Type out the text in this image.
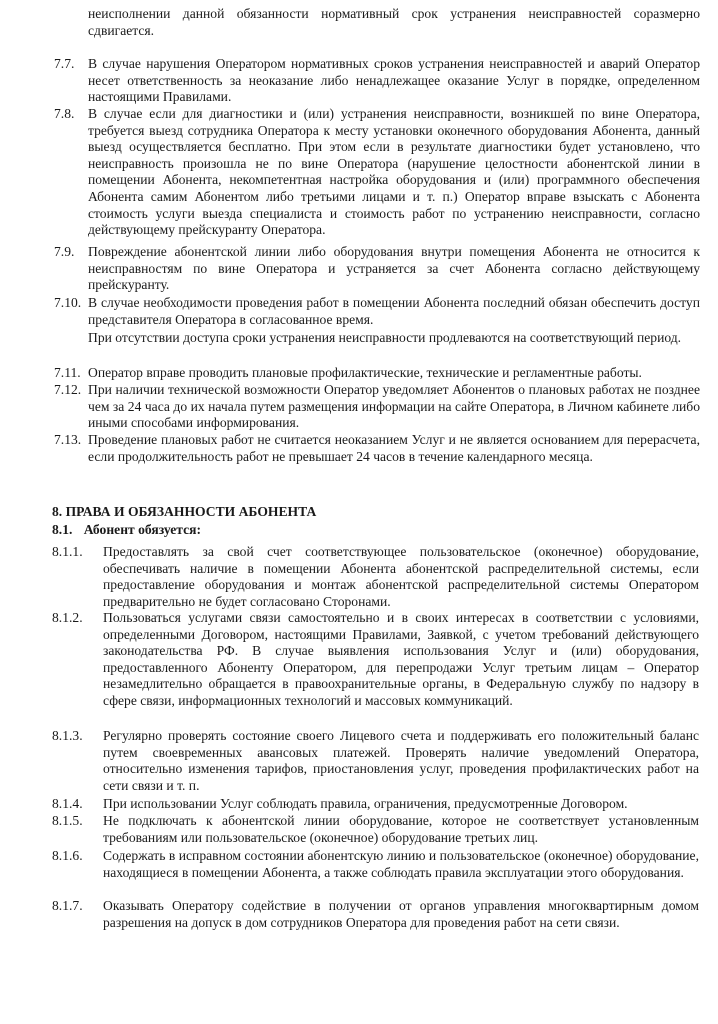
неисполнении данной обязанности нормативный срок устранения неисправностей соразмерно сдвигается.

7.7. В случае нарушения Оператором нормативных сроков устранения неисправностей и аварий Оператор несет ответственность за неоказание либо ненадлежащее оказание Услуг в порядке, определенном настоящими Правилами.

7.8. В случае если для диагностики и (или) устранения неисправности, возникшей по вине Оператора, требуется выезд сотрудника Оператора к месту установки оконечного оборудования Абонента, данный выезд осуществляется бесплатно. При этом если в результате диагностики будет установлено, что неисправность произошла не по вине Оператора (нарушение целостности абонентской линии в помещении Абонента, некомпетентная настройка оборудования и (или) программного обеспечения Абонента самим Абонентом либо третьими лицами и т. п.) Оператор вправе взыскать с Абонента стоимость услуги выезда специалиста и стоимость работ по устранению неисправности, согласно действующему прейскуранту Оператора.

7.9. Повреждение абонентской линии либо оборудования внутри помещения Абонента не относится к неисправностям по вине Оператора и устраняется за счет Абонента согласно действующему прейскуранту.

7.10. В случае необходимости проведения работ в помещении Абонента последний обязан обеспечить доступ представителя Оператора в согласованное время.

При отсутствии доступа сроки устранения неисправности продлеваются на соответствующий период.

7.11. Оператор вправе проводить плановые профилактические, технические и регламентные работы.

7.12. При наличии технической возможности Оператор уведомляет Абонентов о плановых работах не позднее чем за 24 часа до их начала путем размещения информации на сайте Оператора, в Личном кабинете либо иными способами информирования.

7.13. Проведение плановых работ не считается неоказанием Услуг и не является основанием для перерасчета, если продолжительность работ не превышает 24 часов в течение календарного месяца.

8. ПРАВА И ОБЯЗАННОСТИ АБОНЕНТА
8.1. Абонент обязуется:
8.1.1. Предоставлять за свой счет соответствующее пользовательское (оконечное) оборудование, обеспечивать наличие в помещении Абонента абонентской распределительной системы, если предоставление оборудования и монтаж абонентской распределительной системы Оператором предварительно не будет согласовано Сторонами.

8.1.2. Пользоваться услугами связи самостоятельно и в своих интересах в соответствии с условиями, определенными Договором, настоящими Правилами, Заявкой, с учетом требований действующего законодательства РФ. В случае выявления использования Услуг и (или) оборудования, предоставленного Абоненту Оператором, для перепродажи Услуг третьим лицам – Оператор незамедлительно обращается в правоохранительные органы, в Федеральную службу по надзору в сфере связи, информационных технологий и массовых коммуникаций.

8.1.3. Регулярно проверять состояние своего Лицевого счета и поддерживать его положительный баланс путем своевременных авансовых платежей. Проверять наличие уведомлений Оператора, относительно изменения тарифов, приостановления услуг, проведения профилактических работ на сети связи и т. п.

8.1.4. При использовании Услуг соблюдать правила, ограничения, предусмотренные Договором.

8.1.5. Не подключать к абонентской линии оборудование, которое не соответствует установленным требованиям или пользовательское (оконечное) оборудование третьих лиц.

8.1.6. Содержать в исправном состоянии абонентскую линию и пользовательское (оконечное) оборудование, находящиеся в помещении Абонента, а также соблюдать правила эксплуатации этого оборудования.

8.1.7. Оказывать Оператору содействие в получении от органов управления многоквартирным домом разрешения на допуск в дом сотрудников Оператора для проведения работ на сети связи.
